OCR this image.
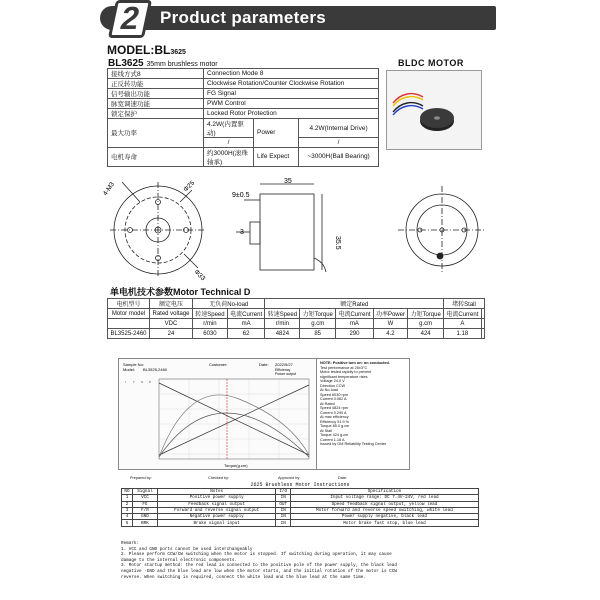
2	Product parameters
MODEL:BL3625
BL3625 35mm brushless motor	BLDC MOTOR
接线方式8	Connection Mode 8		
正反转功能	Clockwise Rotation/Counter Clockwise Rotation		
信号输出功能	FG Signal		
脉宽调速功能	PWM Control		
锁定保护	Locked Rotor Protection		
最大功率	4.2W(内置驱动)	Power	4.2W(Internal Drive)
	/		/
电机寿命	约3000H(滚珠轴承)	Life Expect	~3000H(Ball Bearing)
4-M3	Φ25
Φ33
35
9±0.5
3
35.5
单电机技术参数Motor Technical D
电机型号	额定电压	无负荷No-load		额定Rated					堵转Stall	
Motor model	Rated voltage	转速Speed	电流Current	转速Speed	力矩Torque	电流Current	功率Power	力矩Torque	电流Current	
	VDC	r/min	mA	r/min	g.cm	mA	W	g.cm	A	
BL3525-2460	24	6030	62	4824	85	290	4.2	424	1.18	
Sample No:
Model: BL3525-2460
Customer:	Date: 2022/5/27
Efficiency
Power output
Torque(g.cm)
I T S P
NOTE: Positive turn on: on conducted.
Test performance at 25±3°C
Motor tested rapidly to prevent
significant temperature rises
Voltage 24.0 V
Direction CCW
At No-load
Speed 6030 rpm
Current 0.062 A
At Rated
Speed 4824 rpm
Current 0.290 A
At max efficiency
Efficiency 51.9 %
Torque 85.0 g.cm
At Stall
Torque 424 g.cm
Current 1.18 A
Issued by GM Reliability Testing Center
Prepared by:	Checked by:	Approved by:	Date:
2625 Brushless Motor Instructions
NO	Signal	Notes	I/O	Specification
1	VCC	Positive power supply	IN	Input voltage range: DC 7.4V-24V, red lead
2	FG	Feedback signal output	OUT	Speed feedback signal output, yellow lead
3	F/R	Forward and reverse signal output	IN	Motor forward and reverse speed switching, white lead
4	GND	Negative power supply	IN	Power supply negative, black lead
5	BRK	Brake signal input	IN	Motor brake fast stop, blue lead
Remark:
1. VCC and GND ports cannot be used interchangeably
2. Please perform CCW/CW switching when the motor is stopped. If switching during operation, it may cause
damage to the internal electronic components.
3. Motor startup method: the red lead is connected to the positive pole of the power supply, the black lead
negative -GND and the blue lead are low when the motor starts, and the initial rotation of the motor is CCW
reverse. When switching is required, connect the white lead and the blue lead at the same time.
